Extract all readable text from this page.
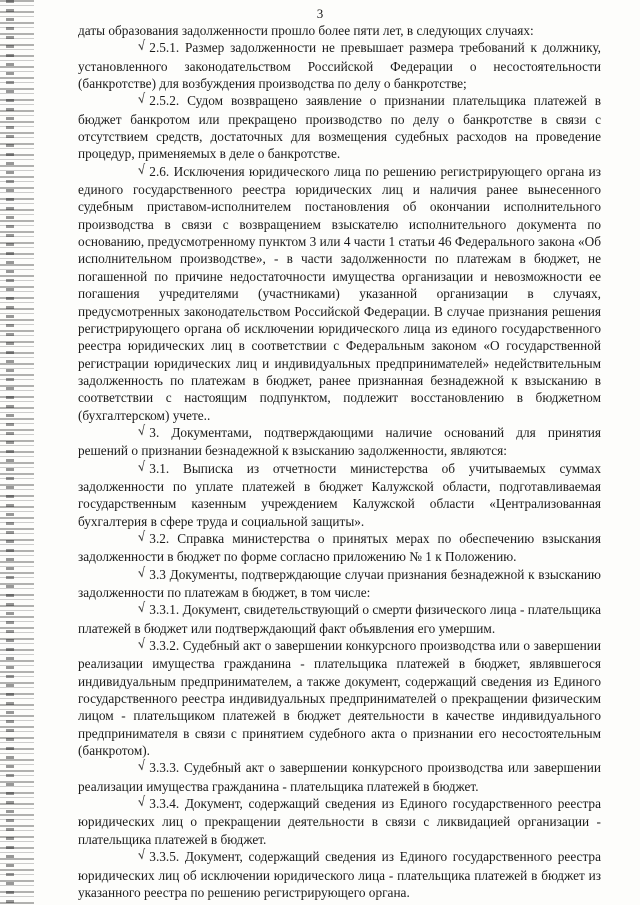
3

даты образования задолженности прошло более пяти лет, в следующих случаях:

√ 2.5.1. Размер задолженности не превышает размера требований к должнику, установленного законодательством Российской Федерации о несостоятельности (банкротстве) для возбуждения производства по делу о банкротстве;

√ 2.5.2. Судом возвращено заявление о признании плательщика платежей в бюджет банкротом или прекращено производство по делу о банкротстве в связи с отсутствием средств, достаточных для возмещения судебных расходов на проведение процедур, применяемых в деле о банкротстве.

√ 2.6. Исключения юридического лица по решению регистрирующего органа из единого государственного реестра юридических лиц и наличия ранее вынесенного судебным приставом-исполнителем постановления об окончании исполнительного производства в связи с возвращением взыскателю исполнительного документа по основанию, предусмотренному пунктом 3 или 4 части 1 статьи 46 Федерального закона «Об исполнительном производстве», - в части задолженности по платежам в бюджет, не погашенной по причине недостаточности имущества организации и невозможности ее погашения учредителями (участниками) указанной организации в случаях, предусмотренных законодательством Российской Федерации. В случае признания решения регистрирующего органа об исключении юридического лица из единого государственного реестра юридических лиц в соответствии с Федеральным законом «О государственной регистрации юридических лиц и индивидуальных предпринимателей» недействительным задолженность по платежам в бюджет, ранее признанная безнадежной к взысканию в соответствии с настоящим подпунктом, подлежит восстановлению в бюджетном (бухгалтерском) учете..

√ 3. Документами, подтверждающими наличие оснований для принятия решений о признании безнадежной к взысканию задолженности, являются:

√ 3.1. Выписка из отчетности министерства об учитываемых суммах задолженности по уплате платежей в бюджет Калужской области, подготавливаемая государственным казенным учреждением Калужской области «Централизованная бухгалтерия в сфере труда и социальной защиты».

√ 3.2. Справка министерства о принятых мерах по обеспечению взыскания задолженности в бюджет по форме согласно приложению № 1 к Положению.

√ 3.3 Документы, подтверждающие случаи признания безнадежной к взысканию задолженности по платежам в бюджет, в том числе:

√ 3.3.1. Документ, свидетельствующий о смерти физического лица - плательщика платежей в бюджет или подтверждающий факт объявления его умершим.

√ 3.3.2. Судебный акт о завершении конкурсного производства или о завершении реализации имущества гражданина - плательщика платежей в бюджет, являвшегося индивидуальным предпринимателем, а также документ, содержащий сведения из Единого государственного реестра индивидуальных предпринимателей о прекращении физическим лицом - плательщиком платежей в бюджет деятельности в качестве индивидуального предпринимателя в связи с принятием судебного акта о признании его несостоятельным (банкротом).

√ 3.3.3. Судебный акт о завершении конкурсного производства или завершении реализации имущества гражданина - плательщика платежей в бюджет.

√ 3.3.4. Документ, содержащий сведения из Единого государственного реестра юридических лиц о прекращении деятельности в связи с ликвидацией организации - плательщика платежей в бюджет.

√ 3.3.5. Документ, содержащий сведения из Единого государственного реестра юридических лиц об исключении юридического лица - плательщика платежей в бюджет из указанного реестра по решению регистрирующего органа.
